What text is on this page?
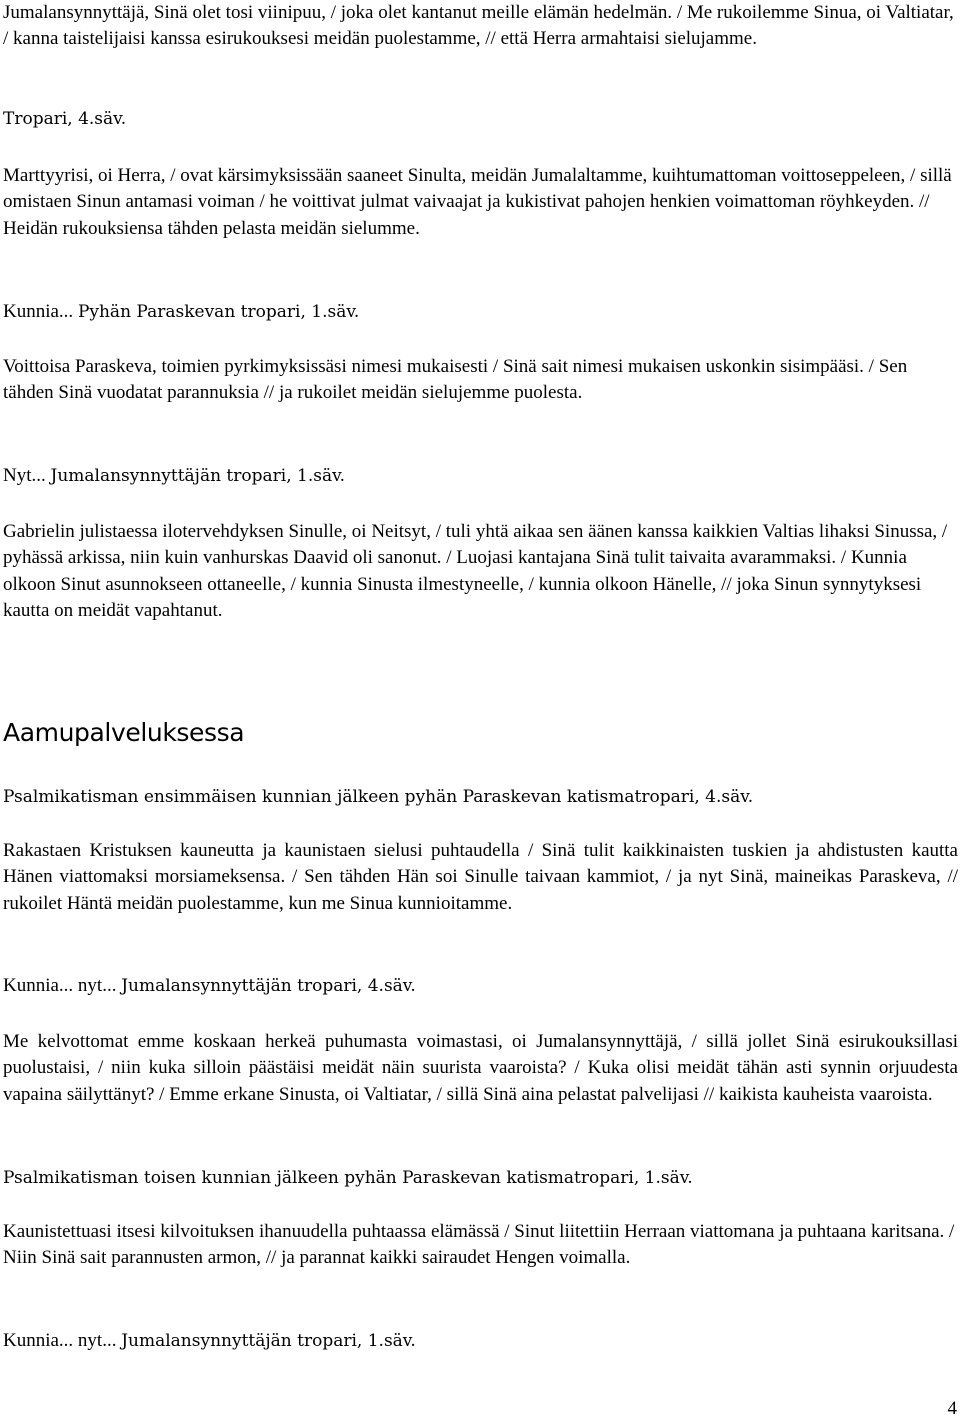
Jumalansynnyttäjä, Sinä olet tosi viinipuu, / joka olet kantanut meille elämän hedelmän. / Me rukoilemme Sinua, oi Valtiatar, / kanna taistelijaisi kanssa esirukouksesi meidän puolestamme, // että Herra armahtaisi sielujamme.
Tropari, 4.säv.
Marttyyrisi, oi Herra, / ovat kärsimyksissään saaneet Sinulta, meidän Jumalaltamme, kuihtumattoman voittoseppeleen, / sillä omistaen Sinun antamasi voiman / he voittivat julmat vaivaajat ja kukistivat pahojen henkien voimattoman röyhkeyden. // Heidän rukouksiensa tähden pelasta meidän sielumme.
Kunnia... Pyhän Paraskevan tropari, 1.säv.
Voittoisa Paraskeva, toimien pyrkimyksissäsi nimesi mukaisesti / Sinä sait nimesi mukaisen uskonkin sisimpääsi. / Sen tähden Sinä vuodatat parannuksia // ja rukoilet meidän sielujemme puolesta.
Nyt... Jumalansynnyttäjän tropari, 1.säv.
Gabrielin julistaessa ilotervehdyksen Sinulle, oi Neitsyt, / tuli yhtä aikaa sen äänen kanssa kaikkien Valtias lihaksi Sinussa, / pyhässä arkissa, niin kuin vanhurskas Daavid oli sanonut. / Luojasi kantajana Sinä tulit taivaita avarammaksi. / Kunnia olkoon Sinut asunnokseen ottaneelle, / kunnia Sinusta ilmestyneelle, / kunnia olkoon Hänelle, // joka Sinun synnytyksesi kautta on meidät vapahtanut.
Aamupalveluksessa
Psalmikatisman ensimmäisen kunnian jälkeen pyhän Paraskevan katismatropari, 4.säv.
Rakastaen Kristuksen kauneutta ja kaunistaen sielusi puhtaudella / Sinä tulit kaikkinaisten tuskien ja ahdistusten kautta Hänen viattomaksi morsiameksensa. / Sen tähden Hän soi Sinulle taivaan kammiot, / ja nyt Sinä, maineikas Paraskeva, // rukoilet Häntä meidän puolestamme, kun me Sinua kunnioitamme.
Kunnia... nyt... Jumalansynnyttäjän tropari, 4.säv.
Me kelvottomat emme koskaan herkeä puhumasta voimastasi, oi Jumalansynnyttäjä, / sillä jollet Sinä esirukouksillasi puolustaisi, / niin kuka silloin päästäisi meidät näin suurista vaaroista? / Kuka olisi meidät tähän asti synnin orjuudesta vapaina säilyttänyt? / Emme erkane Sinusta, oi Valtiatar, / sillä Sinä aina pelastat palvelijasi // kaikista kauheista vaaroista.
Psalmikatisman toisen kunnian jälkeen pyhän Paraskevan katismatropari, 1.säv.
Kaunistettuasi itsesi kilvoituksen ihanuudella puhtaassa elämässä / Sinut liitettiin Herraan viattomana ja puhtaana karitsana. / Niin Sinä sait parannusten armon, // ja parannat kaikki sairaudet Hengen voimalla.
Kunnia... nyt... Jumalansynnyttäjän tropari, 1.säv.
4
